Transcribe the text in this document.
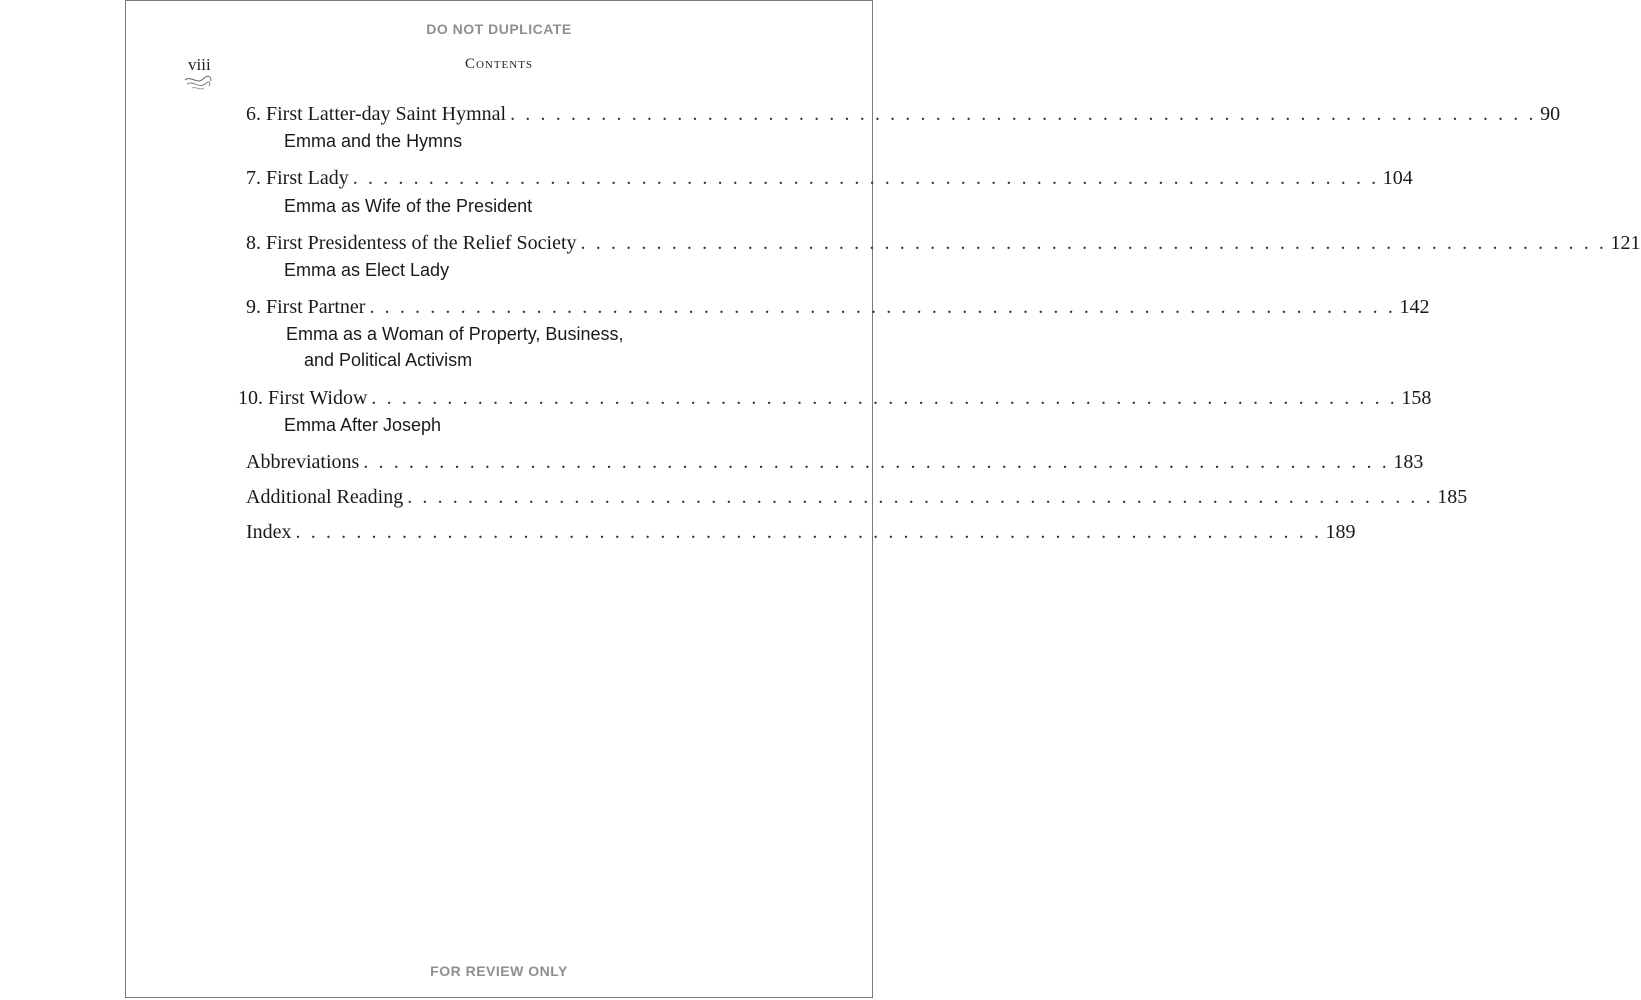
DO NOT DUPLICATE
viii	Contents
6. First Latter-day Saint Hymnal . . . . . . . . . . . . . . . . . . . . . . . . . . . . . . . . . . . . . . . . . . . . . . . . . . . . . . . . . . . . . . . . . . . . 90
Emma and the Hymns
7. First Lady . . . . . . . . . . . . . . . . . . . . . . . . . . . . . . . . . . . . . . . . . . . . . . . . . . . . . . . . . . . . . . . . . . . . 104
Emma as Wife of the President
8. First Presidentess of the Relief Society . . . . . . . . . . . . . . . . . . . . . . . . . . . . . . . . . . . . . . . . . . . . . . . . . . . . . . . . . . . . . . . . . . . . 121
Emma as Elect Lady
9. First Partner . . . . . . . . . . . . . . . . . . . . . . . . . . . . . . . . . . . . . . . . . . . . . . . . . . . . . . . . . . . . . . . . . . . . 142
Emma as a Woman of Property, Business,
and Political Activism
10. First Widow . . . . . . . . . . . . . . . . . . . . . . . . . . . . . . . . . . . . . . . . . . . . . . . . . . . . . . . . . . . . . . . . . . . . 158
Emma After Joseph
Abbreviations . . . . . . . . . . . . . . . . . . . . . . . . . . . . . . . . . . . . . . . . . . . . . . . . . . . . . . . . . . . . . . . . . . . . 183
Additional Reading . . . . . . . . . . . . . . . . . . . . . . . . . . . . . . . . . . . . . . . . . . . . . . . . . . . . . . . . . . . . . . . . . . . . 185
Index . . . . . . . . . . . . . . . . . . . . . . . . . . . . . . . . . . . . . . . . . . . . . . . . . . . . . . . . . . . . . . . . . . . . 189
FOR REVIEW ONLY
